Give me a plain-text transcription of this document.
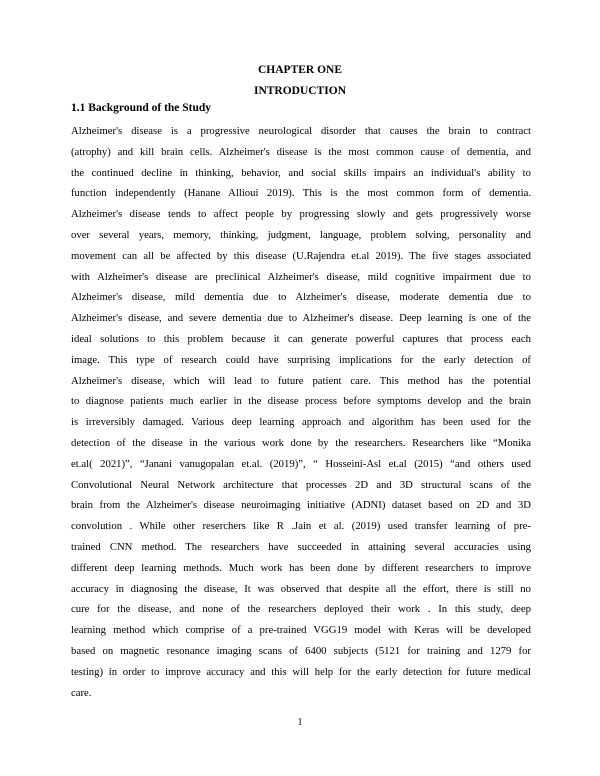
CHAPTER ONE
INTRODUCTION
1.1 Background of the Study
Alzheimer's disease is a progressive neurological disorder that causes the brain to contract
(atrophy) and kill brain cells. Alzheimer's disease is the most common cause of dementia, and
the continued decline in thinking, behavior, and social skills impairs an individual's ability to
function independently (Hanane Allioui 2019). This is the most common form of dementia.
Alzheimer's disease tends to affect people by progressing slowly and gets progressively worse
over several years, memory, thinking, judgment, language, problem solving, personality and
movement can all be affected by this disease (U.Rajendra et.al 2019). The five stages associated
with Alzheimer's disease are preclinical Alzheimer's disease, mild cognitive impairment due to
Alzheimer's disease, mild dementia due to Alzheimer's disease, moderate dementia due to
Alzheimer's disease, and severe dementia due to Alzheimer's disease. Deep learning is one of the
ideal solutions to this problem because it can generate powerful captures that process each
image. This type of research could have surprising implications for the early detection of
Alzheimer's disease, which will lead to future patient care. This method has the potential
to diagnose patients much earlier in the disease process before symptoms develop and the brain
is irreversibly damaged. Various deep learning approach and algorithm has been used for the
detection of the disease in the various work done by the researchers. Researchers like “Monika
et.al( 2021)”, “Janani vanugopalan et.al. (2019)”, “ Hosseini-Asl et.al (2015) “and others used
Convolutional Neural Network architecture that processes 2D and 3D structural scans of the
brain from the Alzheimer's disease neuroimaging initiative (ADNI) dataset based on 2D and 3D
convolution . While other reserchers like R .Jain et al. (2019) used transfer learning of pre-
trained CNN method. The researchers have succeeded in attaining several accuracies using
different deep learning methods. Much work has been done by different researchers to improve
accuracy in diagnosing the disease, It was observed that despite all the effort, there is still no
cure for the disease, and none of the researchers deployed their work . In this study, deep
learning method which comprise of a pre-trained VGG19 model with Keras will be developed
based on magnetic resonance imaging scans of 6400 subjects (5121 for training and 1279 for
testing) in order to improve accuracy and this will help for the early detection for future medical
care.
1
